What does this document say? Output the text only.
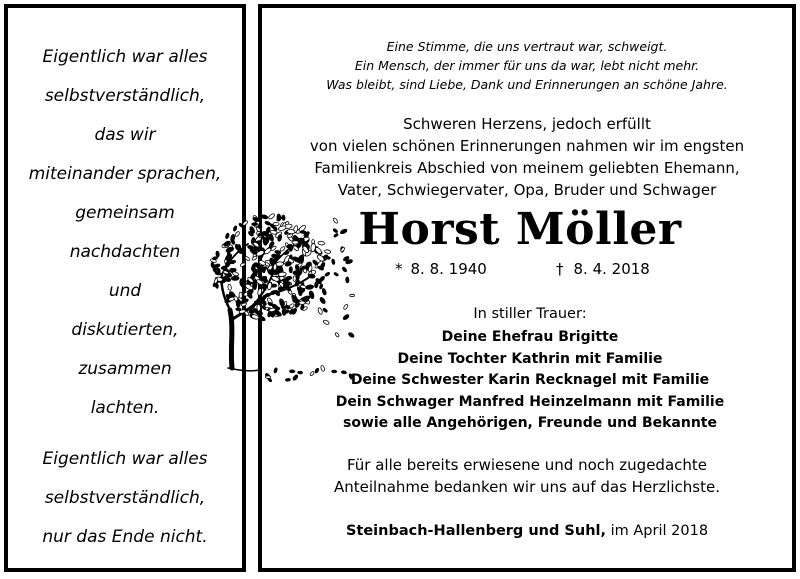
Eigentlich war alles
selbstverständlich,
das wir
miteinander sprachen,
gemeinsam
nachdachten
und
diskutierten,
zusammen
lachten.
Eigentlich war alles
selbstverständlich,
nur das Ende nicht.
Eine Stimme, die uns vertraut war, schweigt.
Ein Mensch, der immer für uns da war, lebt nicht mehr.
Was bleibt, sind Liebe, Dank und Erinnerungen an schöne Jahre.
Schweren Herzens, jedoch erfüllt
von vielen schönen Erinnerungen nahmen wir im engsten
Familienkreis Abschied von meinem geliebten Ehemann,
Vater, Schwiegervater, Opa, Bruder und Schwager
Horst Möller
* 8. 8. 1940	† 8. 4. 2018
In stiller Trauer:
Deine Ehefrau Brigitte
Deine Tochter Kathrin mit Familie
Deine Schwester Karin Recknagel mit Familie
Dein Schwager Manfred Heinzelmann mit Familie
sowie alle Angehörigen, Freunde und Bekannte
Für alle bereits erwiesene und noch zugedachte
Anteilnahme bedanken wir uns auf das Herzlichste.
Steinbach-Hallenberg und Suhl, im April 2018
